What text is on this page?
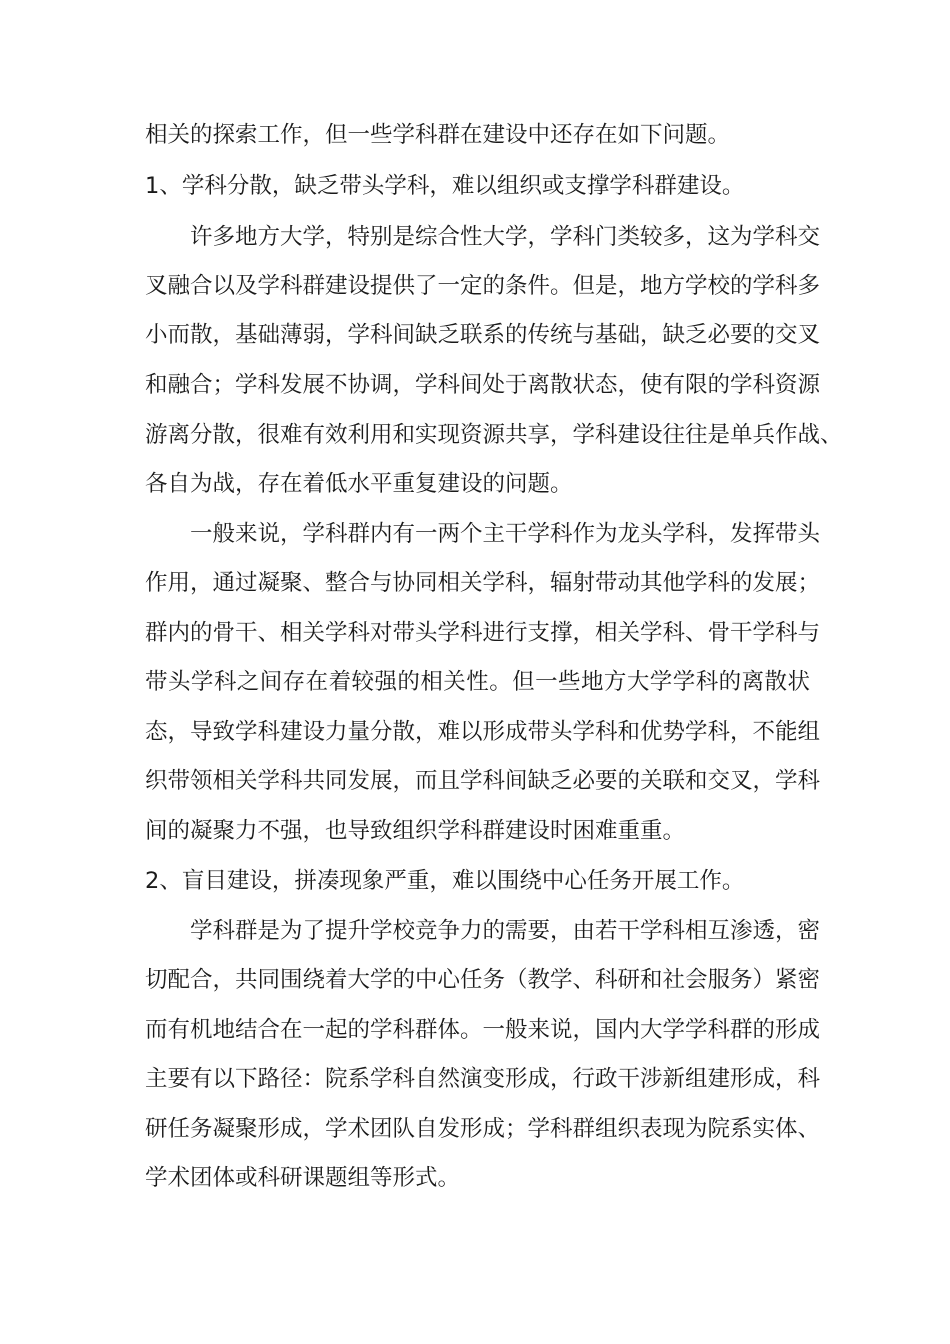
相关的探索工作，但一些学科群在建设中还存在如下问题。

1、学科分散，缺乏带头学科，难以组织或支撑学科群建设。

许多地方大学，特别是综合性大学，学科门类较多，这为学科交

叉融合以及学科群建设提供了一定的条件。但是，地方学校的学科多

小而散，基础薄弱，学科间缺乏联系的传统与基础，缺乏必要的交叉

和融合；学科发展不协调，学科间处于离散状态，使有限的学科资源

游离分散，很难有效利用和实现资源共享，学科建设往往是单兵作战、

各自为战，存在着低水平重复建设的问题。

一般来说，学科群内有一两个主干学科作为龙头学科，发挥带头

作用，通过凝聚、整合与协同相关学科，辐射带动其他学科的发展；

群内的骨干、相关学科对带头学科进行支撑，相关学科、骨干学科与

带头学科之间存在着较强的相关性。但一些地方大学学科的离散状

态，导致学科建设力量分散，难以形成带头学科和优势学科，不能组

织带领相关学科共同发展，而且学科间缺乏必要的关联和交叉，学科

间的凝聚力不强，也导致组织学科群建设时困难重重。

2、盲目建设，拼凑现象严重，难以围绕中心任务开展工作。

学科群是为了提升学校竞争力的需要，由若干学科相互渗透，密

切配合，共同围绕着大学的中心任务（教学、科研和社会服务）紧密

而有机地结合在一起的学科群体。一般来说，国内大学学科群的形成

主要有以下路径：院系学科自然演变形成，行政干涉新组建形成，科

研任务凝聚形成，学术团队自发形成；学科群组织表现为院系实体、

学术团体或科研课题组等形式。
